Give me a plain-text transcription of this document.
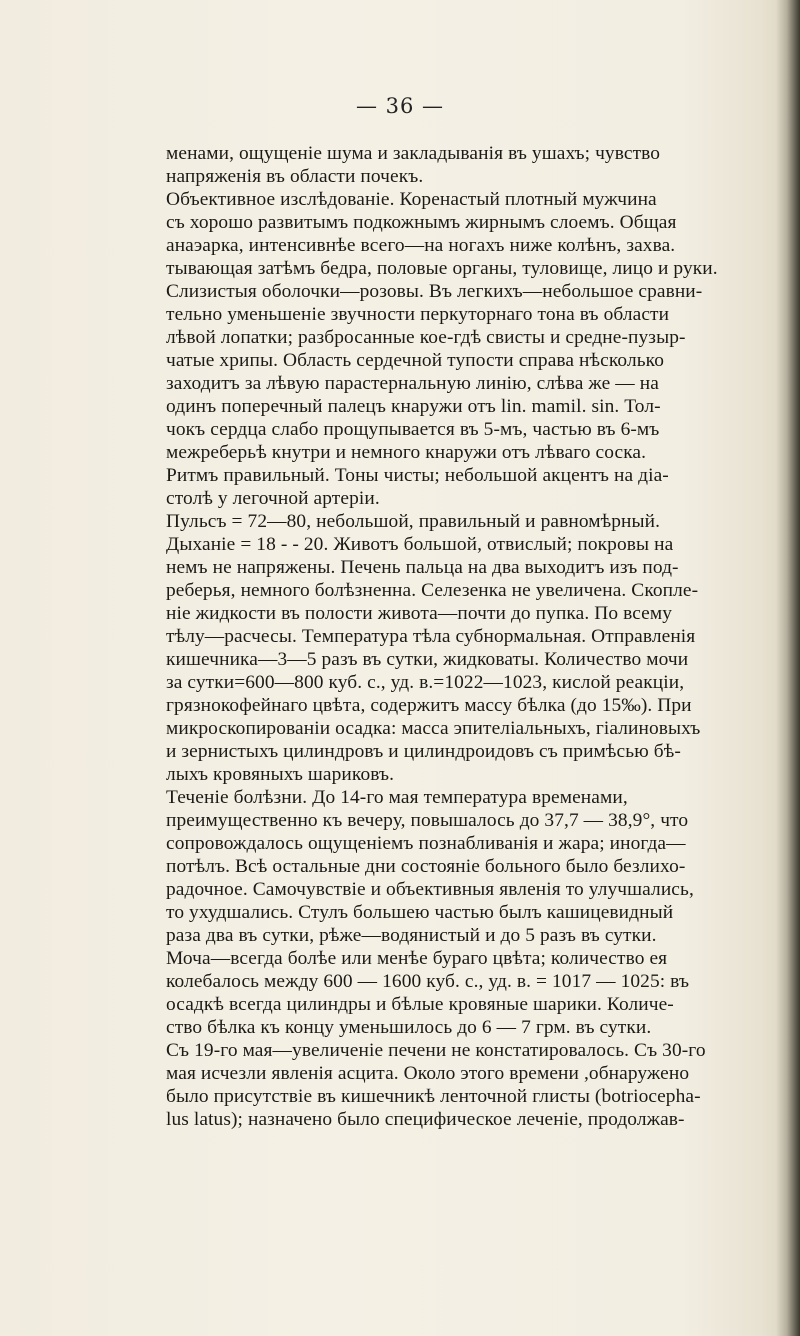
— 36 —
менами, ощущеніе шума и закладыванія въ ушахъ; чувство
напряженія въ области почекъ.
Объективное изслѣдованіе. Коренастый плотный мужчина
съ хорошо развитымъ подкожнымъ жирнымъ слоемъ. Общая
анаэарка, интенсивнѣе всего—на ногахъ ниже колѣнъ, захва.
тывающая затѣмъ бедра, половые органы, туловище, лицо и руки.
Слизистыя оболочки—розовы. Въ легкихъ—небольшое сравни-
тельно уменьшеніе звучности перкуторнаго тона въ области
лѣвой лопатки; разбросанные кое-гдѣ свисты и средне-пузыр-
чатые хрипы. Область сердечной тупости справа нѣсколько
заходитъ за лѣвую парастернальную линію, слѣва же — на
одинъ поперечный палецъ кнаружи отъ lin. mamil. sin. Тол-
чокъ сердца слабо прощупывается въ 5-мъ, частью въ 6-мъ
межреберьѣ кнутри и немного кнаружи отъ лѣваго соска.
Ритмъ правильный. Тоны чисты; небольшой акцентъ на діа-
столѣ у легочной артеріи.
Пульсъ = 72—80, небольшой, правильный и равномѣрный.
Дыханіе = 18 - - 20. Животъ большой, отвислый; покровы на
немъ не напряжены. Печень пальца на два выходитъ изъ под-
реберья, немного болѣзненна. Селезенка не увеличена. Скопле-
ніе жидкости въ полости живота—почти до пупка. По всему
тѣлу—расчесы. Температура тѣла субнормальная. Отправленія
кишечника—3—5 разъ въ сутки, жидковаты. Количество мочи
за сутки=600—800 куб. с., уд. в.=1022—1023, кислой реакціи,
грязнокофейнаго цвѣта, содержитъ массу бѣлка (до 15‰). При
микроскопированіи осадка: масса эпителіальныхъ, гіалиновыхъ
и зернистыхъ цилиндровъ и цилиндроидовъ съ примѣсью бѣ-
лыхъ кровяныхъ шариковъ.
Теченіе болѣзни. До 14-го мая температура временами,
преимущественно къ вечеру, повышалось до 37,7 — 38,9°, что
сопровождалось ощущеніемъ познабливанія и жара; иногда—
потѣлъ. Всѣ остальные дни состояніе больного было безлихо-
радочное. Самочувствіе и объективныя явленія то улучшались,
то ухудшались. Стулъ большею частью былъ кашицевидный
раза два въ сутки, рѣже—водянистый и до 5 разъ въ сутки.
Моча—всегда болѣе или менѣе бураго цвѣта; количество ея
колебалось между 600 — 1600 куб. с., уд. в. = 1017 — 1025: въ
осадкѣ всегда цилиндры и бѣлые кровяные шарики. Количе-
ство бѣлка къ концу уменьшилось до 6 — 7 грм. въ сутки.
Съ 19-го мая—увеличеніе печени не констатировалось. Съ 30-го
мая исчезли явленія асцита. Около этого времени ,обнаружено
было присутствіе въ кишечникѣ ленточной глисты (botriocepha-
lus latus); назначено было специфическое леченіе, продолжав-
